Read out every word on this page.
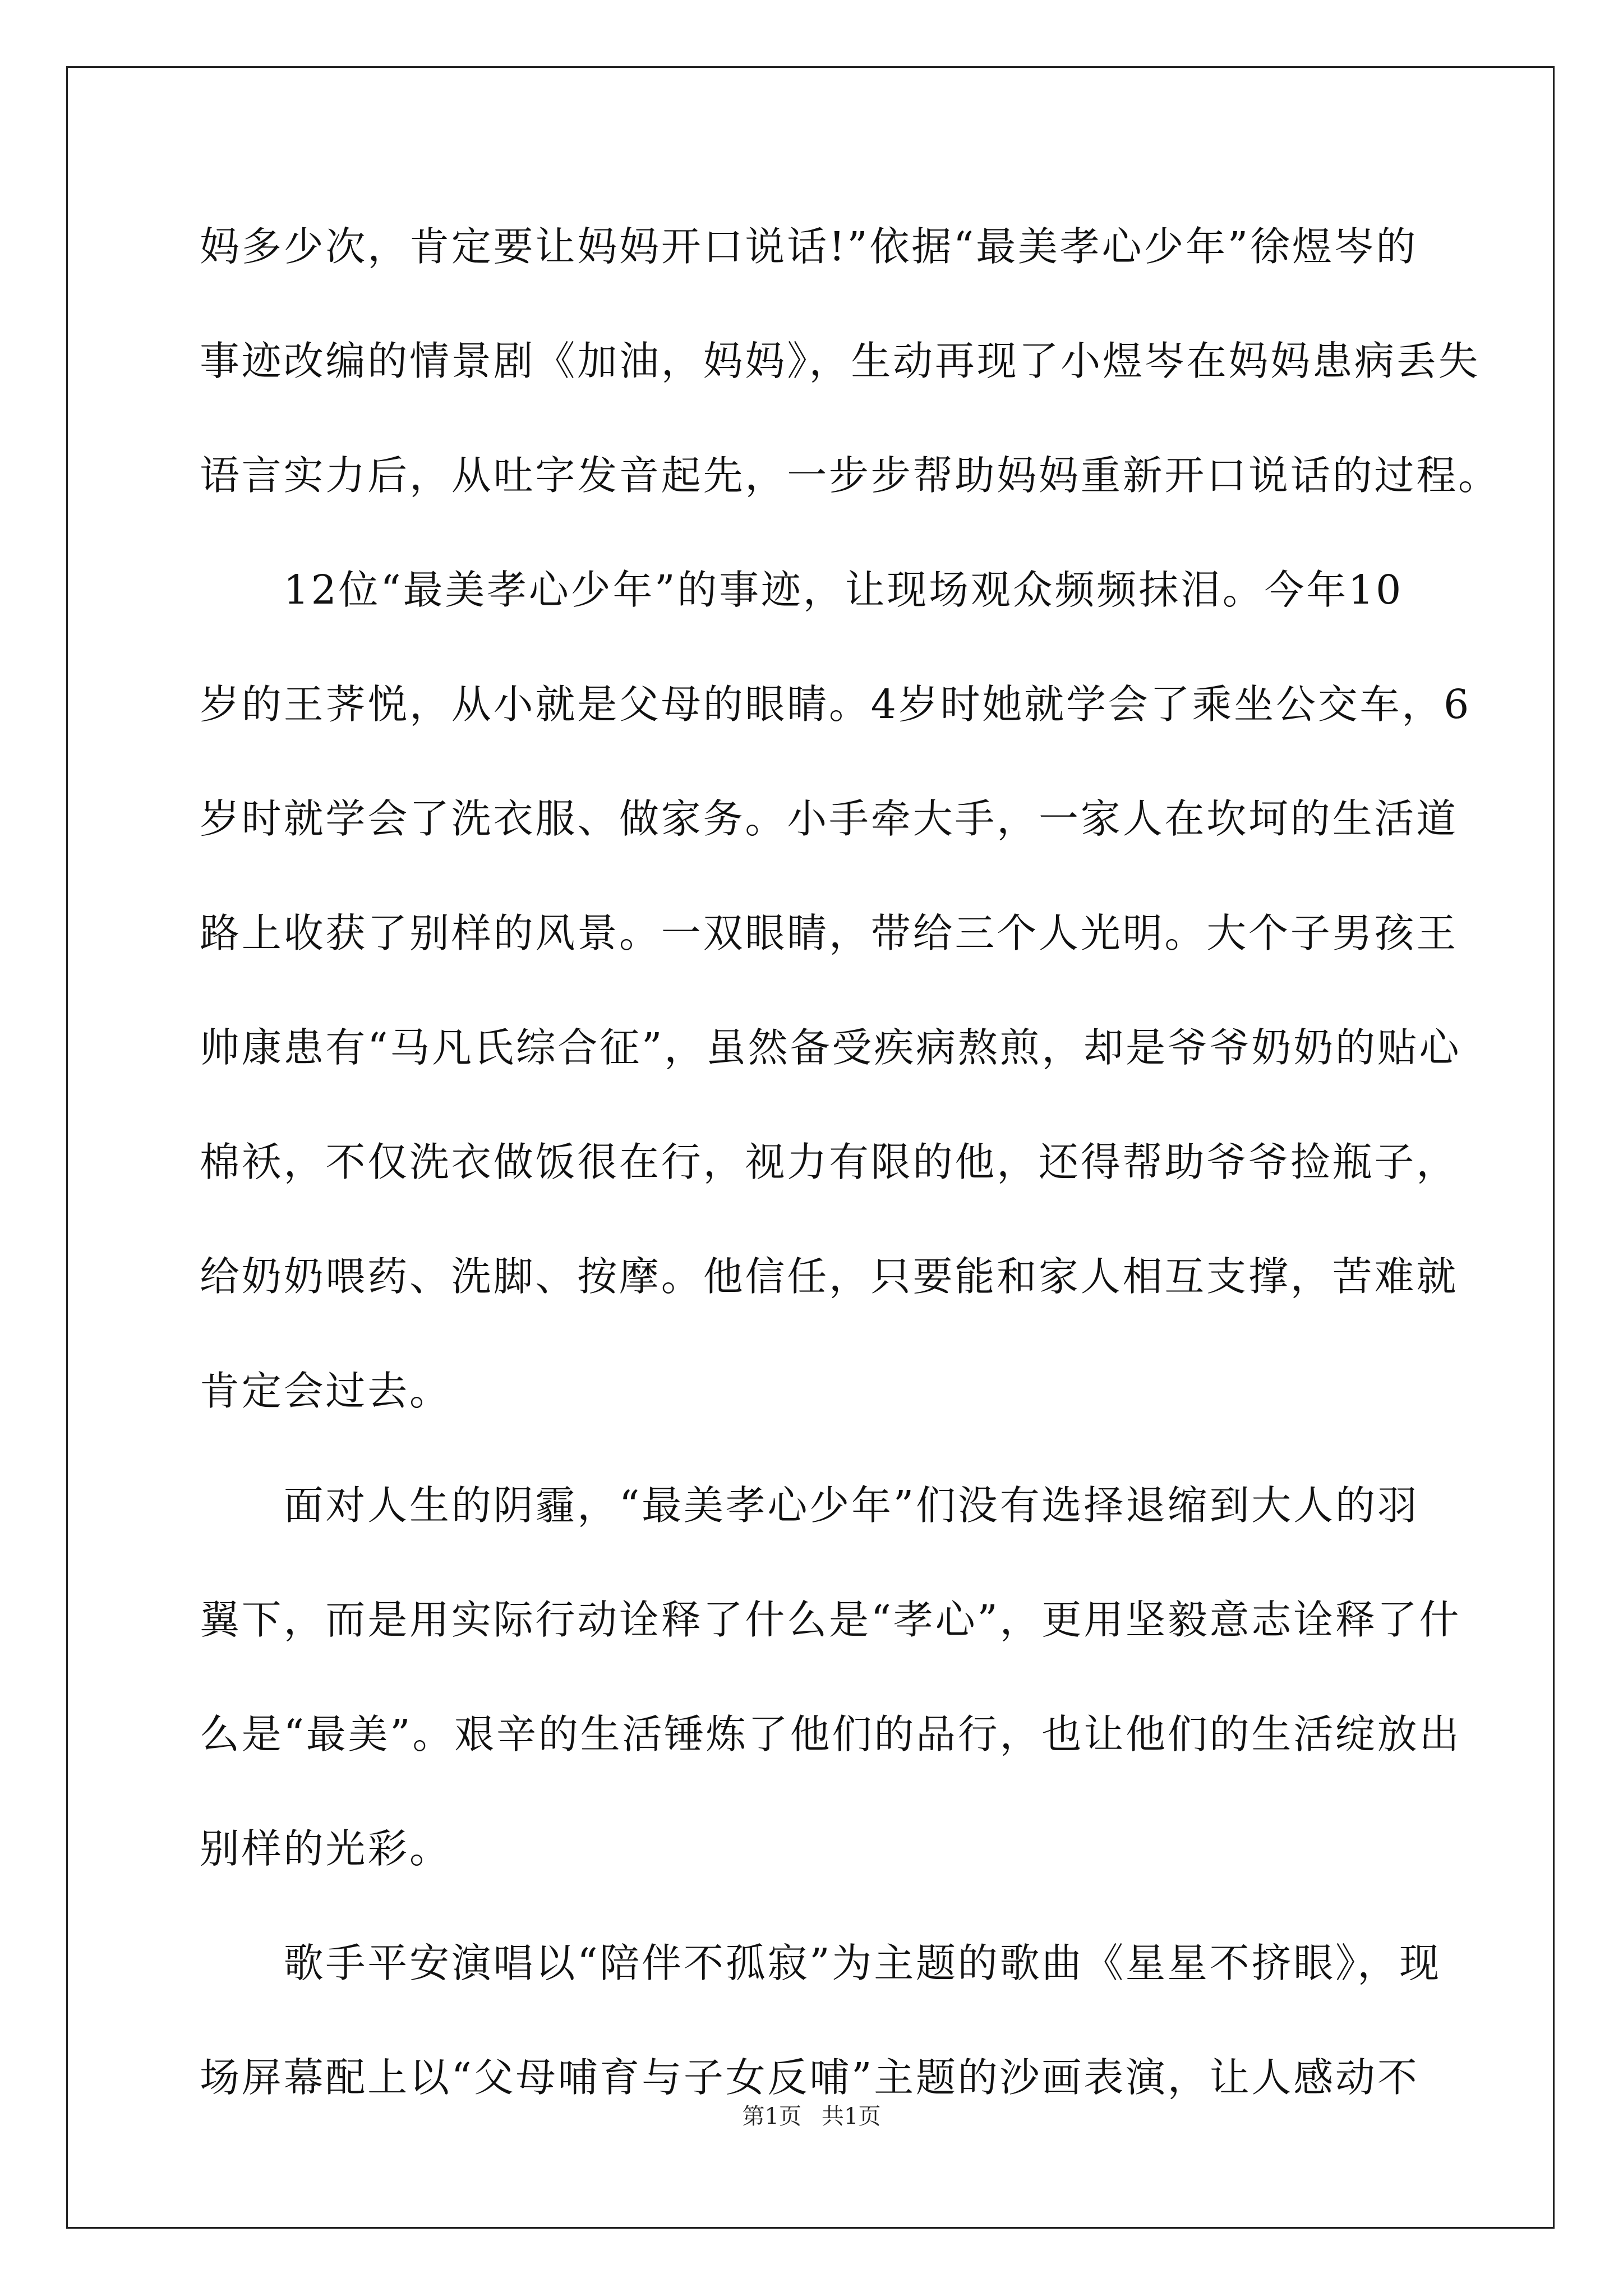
妈多少次，肯定要让妈妈开口说话!”依据“最美孝心少年”徐煜岑的
事迹改编的情景剧《加油，妈妈》，生动再现了小煜岑在妈妈患病丢失
语言实力后，从吐字发音起先，一步步帮助妈妈重新开口说话的过程。
　　12位“最美孝心少年”的事迹，让现场观众频频抹泪。今年10
岁的王荠悦，从小就是父母的眼睛。4岁时她就学会了乘坐公交车，6
岁时就学会了洗衣服、做家务。小手牵大手，一家人在坎坷的生活道
路上收获了别样的风景。一双眼睛，带给三个人光明。大个子男孩王
帅康患有“马凡氏综合征”，虽然备受疾病熬煎，却是爷爷奶奶的贴心
棉袄，不仅洗衣做饭很在行，视力有限的他，还得帮助爷爷捡瓶子，
给奶奶喂药、洗脚、按摩。他信任，只要能和家人相互支撑，苦难就
肯定会过去。
　　面对人生的阴霾，“最美孝心少年”们没有选择退缩到大人的羽
翼下，而是用实际行动诠释了什么是“孝心”，更用坚毅意志诠释了什
么是“最美”。艰辛的生活锤炼了他们的品行，也让他们的生活绽放出
别样的光彩。
　　歌手平安演唱以“陪伴不孤寂”为主题的歌曲《星星不挤眼》，现
场屏幕配上以“父母哺育与子女反哺”主题的沙画表演，让人感动不
第1页 共1页
